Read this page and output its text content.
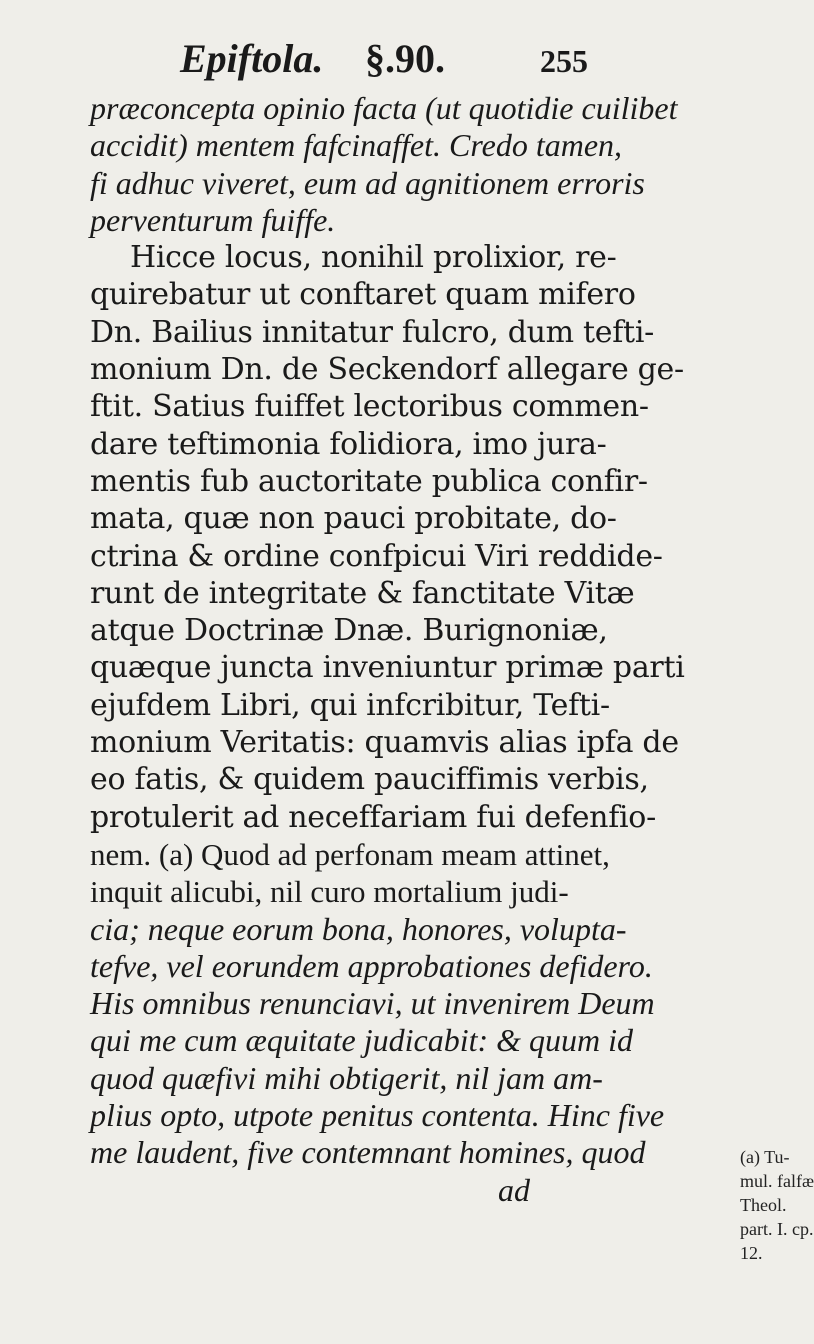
Epiftola. §.90.	255
præconcepta opinio facta (ut quotidie cuilibet
accidit) mentem fafcinaffet. Credo tamen,
fi adhuc viveret, eum ad agnitionem erroris
perventurum fuiffe.
Hicce locus, nonihil prolixior, re-
quirebatur ut conftaret quam mifero
Dn. Bailius innitatur fulcro, dum tefti-
monium Dn. de Seckendorf allegare ge-
ftit. Satius fuiffet lectoribus commen-
dare teftimonia folidiora, imo jura-
mentis fub auctoritate publica confir-
mata, quæ non pauci probitate, do-
ctrina & ordine confpicui Viri reddide-
runt de integritate & fanctitate Vitæ
atque Doctrinæ Dnæ. Burignoniæ,
quæque juncta inveniuntur primæ parti
ejufdem Libri, qui infcribitur, Tefti-
monium Veritatis: quamvis alias ipfa de
eo fatis, & quidem pauciffimis verbis,
protulerit ad neceffariam fui defenfio-
nem. (a) Quod ad perfonam meam attinet,
inquit alicubi, nil curo mortalium judi-
cia; neque eorum bona, honores, volupta-
tefve, vel eorundem approbationes defidero.
His omnibus renunciavi, ut invenirem Deum
qui me cum æquitate judicabit: & quum id
quod quæfivi mihi obtigerit, nil jam am-
plius opto, utpote penitus contenta. Hinc five
me laudent, five contemnant homines, quod
ad
(a) Tu-
mul. falfæ
Theol.
part. I. cp.
12.
